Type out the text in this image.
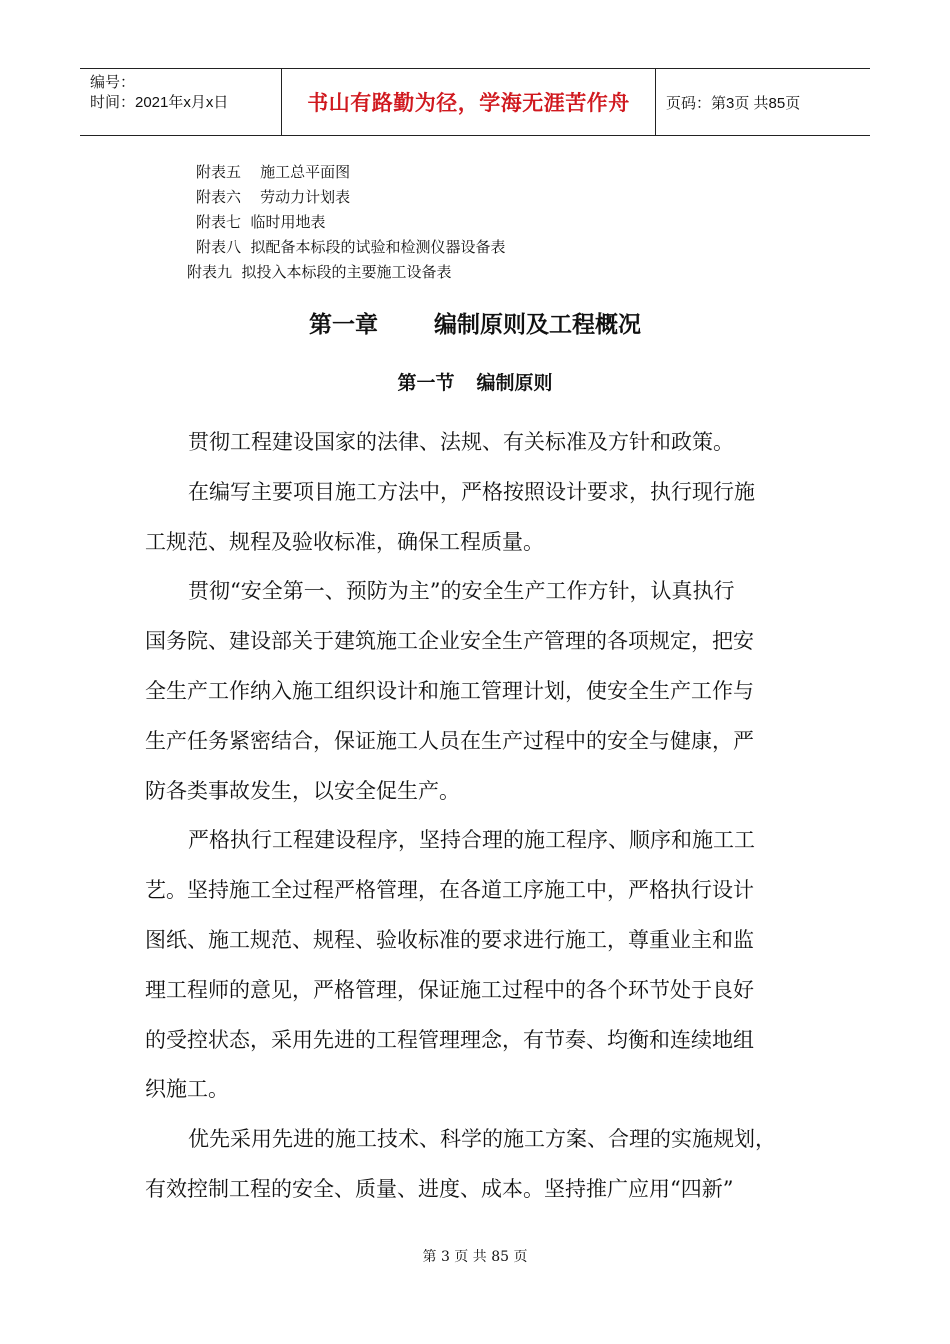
编号：
时间：2021年x月x日	书山有路勤为径，学海无涯苦作舟	页码：第3页 共85页
附表五    施工总平面图
附表六    劳动力计划表
附表七  临时用地表
附表八  拟配备本标段的试验和检测仪器设备表
附表九  拟投入本标段的主要施工设备表
第一章 编制原则及工程概况
第一节 编制原则

贯彻工程建设国家的法律、法规、有关标准及方针和政策。

在编写主要项目施工方法中，严格按照设计要求，执行现行施
工规范、规程及验收标准，确保工程质量。

贯彻“安全第一、预防为主”的安全生产工作方针，认真执行
国务院、建设部关于建筑施工企业安全生产管理的各项规定，把安
全生产工作纳入施工组织设计和施工管理计划，使安全生产工作与
生产任务紧密结合，保证施工人员在生产过程中的安全与健康，严
防各类事故发生，以安全促生产。

严格执行工程建设程序，坚持合理的施工程序、顺序和施工工
艺。坚持施工全过程严格管理，在各道工序施工中，严格执行设计
图纸、施工规范、规程、验收标准的要求进行施工，尊重业主和监
理工程师的意见，严格管理，保证施工过程中的各个环节处于良好
的受控状态，采用先进的工程管理理念，有节奏、均衡和连续地组
织施工。

优先采用先进的施工技术、科学的施工方案、合理的实施规划，
有效控制工程的安全、质量、进度、成本。坚持推广应用“四新”

第 3 页 共 85 页
